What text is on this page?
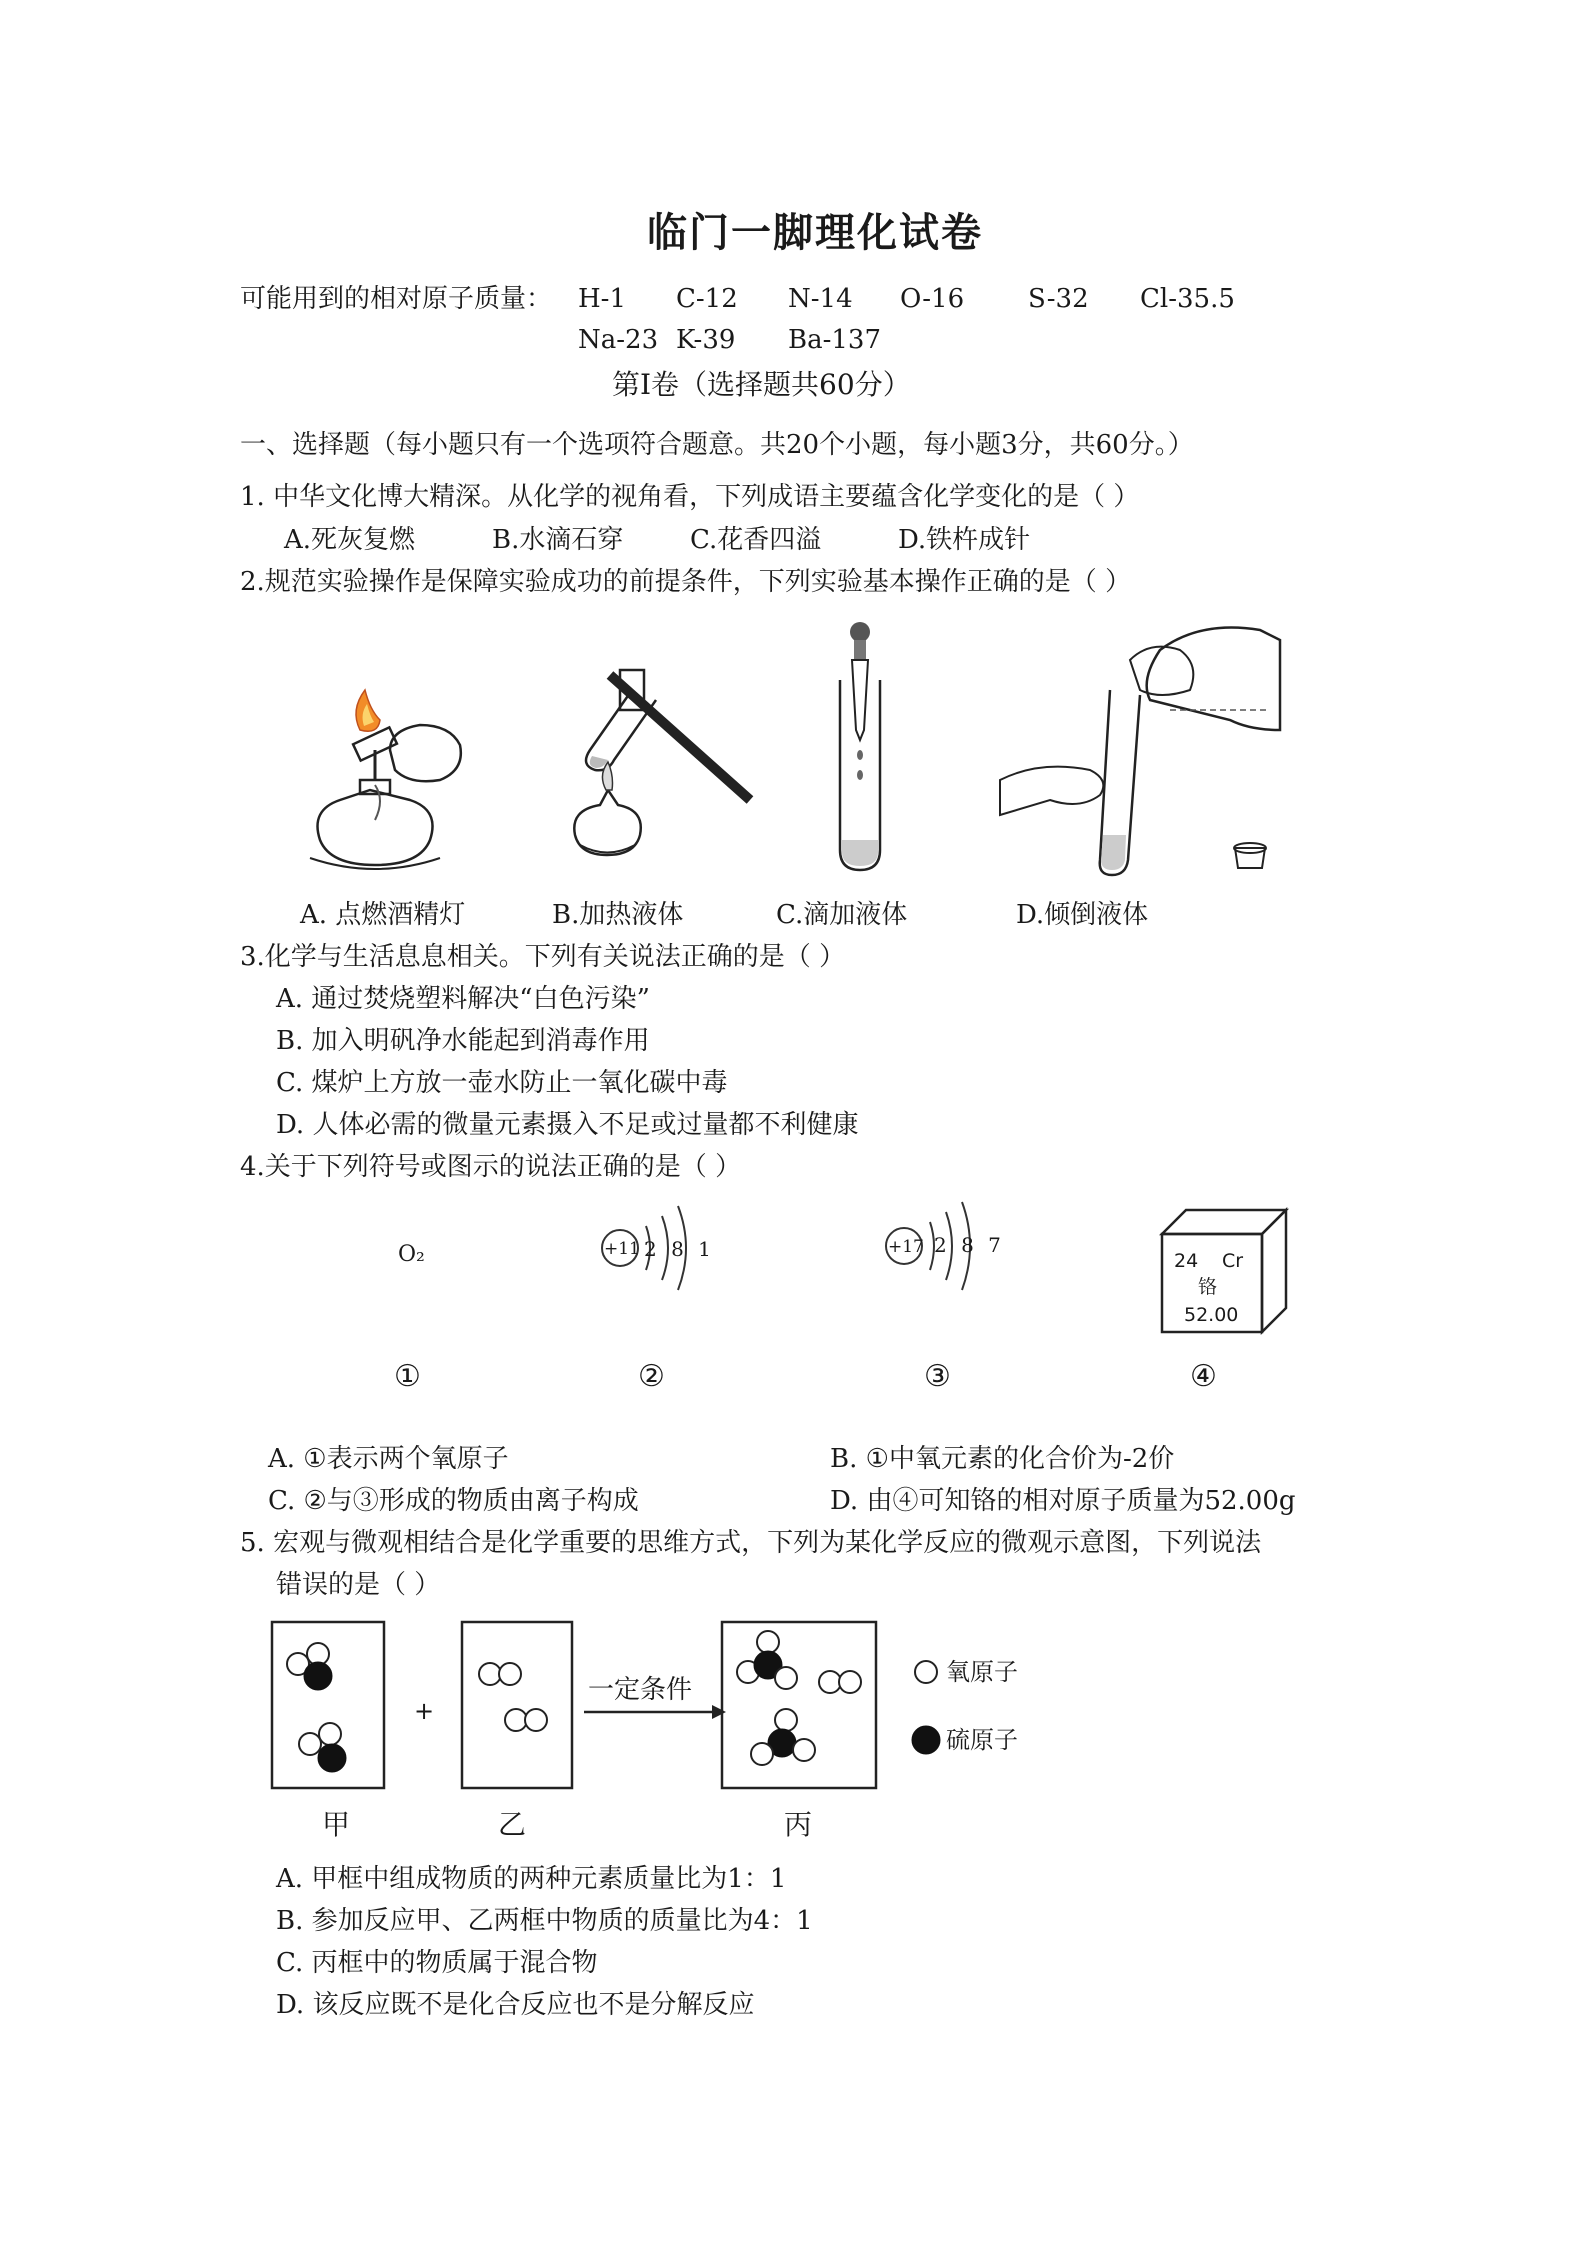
临门一脚理化试卷
可能用到的相对原子质量： H-1 C-12 N-14 O-16 S-32 Cl-35.5
Na-23 K-39 Ba-137
第Ⅰ卷（选择题共60分）
一、选择题（每小题只有一个选项符合题意。共20个小题，每小题3分，共60分。）
1. 中华文化博大精深。从化学的视角看，下列成语主要蕴含化学变化的是（ ）
A.死灰复燃	B.水滴石穿	C.花香四溢	D.铁杵成针
2.规范实验操作是保障实验成功的前提条件，下列实验基本操作正确的是（ ）
A. 点燃酒精灯	B.加热液体	C.滴加液体	D.倾倒液体
3.化学与生活息息相关。下列有关说法正确的是（ ）
A. 通过焚烧塑料解决“白色污染”
B. 加入明矾净水能起到消毒作用
C. 煤炉上方放一壶水防止一氧化碳中毒
D. 人体必需的微量元素摄入不足或过量都不利健康
4.关于下列符号或图示的说法正确的是（ ）
O₂	+11 2 8 1	+17 2 8 7
24 Cr
铬
52.00
①	②	③	④
A. ①表示两个氧原子	B. ①中氧元素的化合价为-2价
C. ②与③形成的物质由离子构成	D. 由④可知铬的相对原子质量为52.00g
5. 宏观与微观相结合是化学重要的思维方式，下列为某化学反应的微观示意图，下列说法
错误的是（ ）
+
一定条件
氧原子
硫原子
甲	乙	丙
A. 甲框中组成物质的两种元素质量比为1：1
B. 参加反应甲、乙两框中物质的质量比为4：1
C. 丙框中的物质属于混合物
D. 该反应既不是化合反应也不是分解反应
